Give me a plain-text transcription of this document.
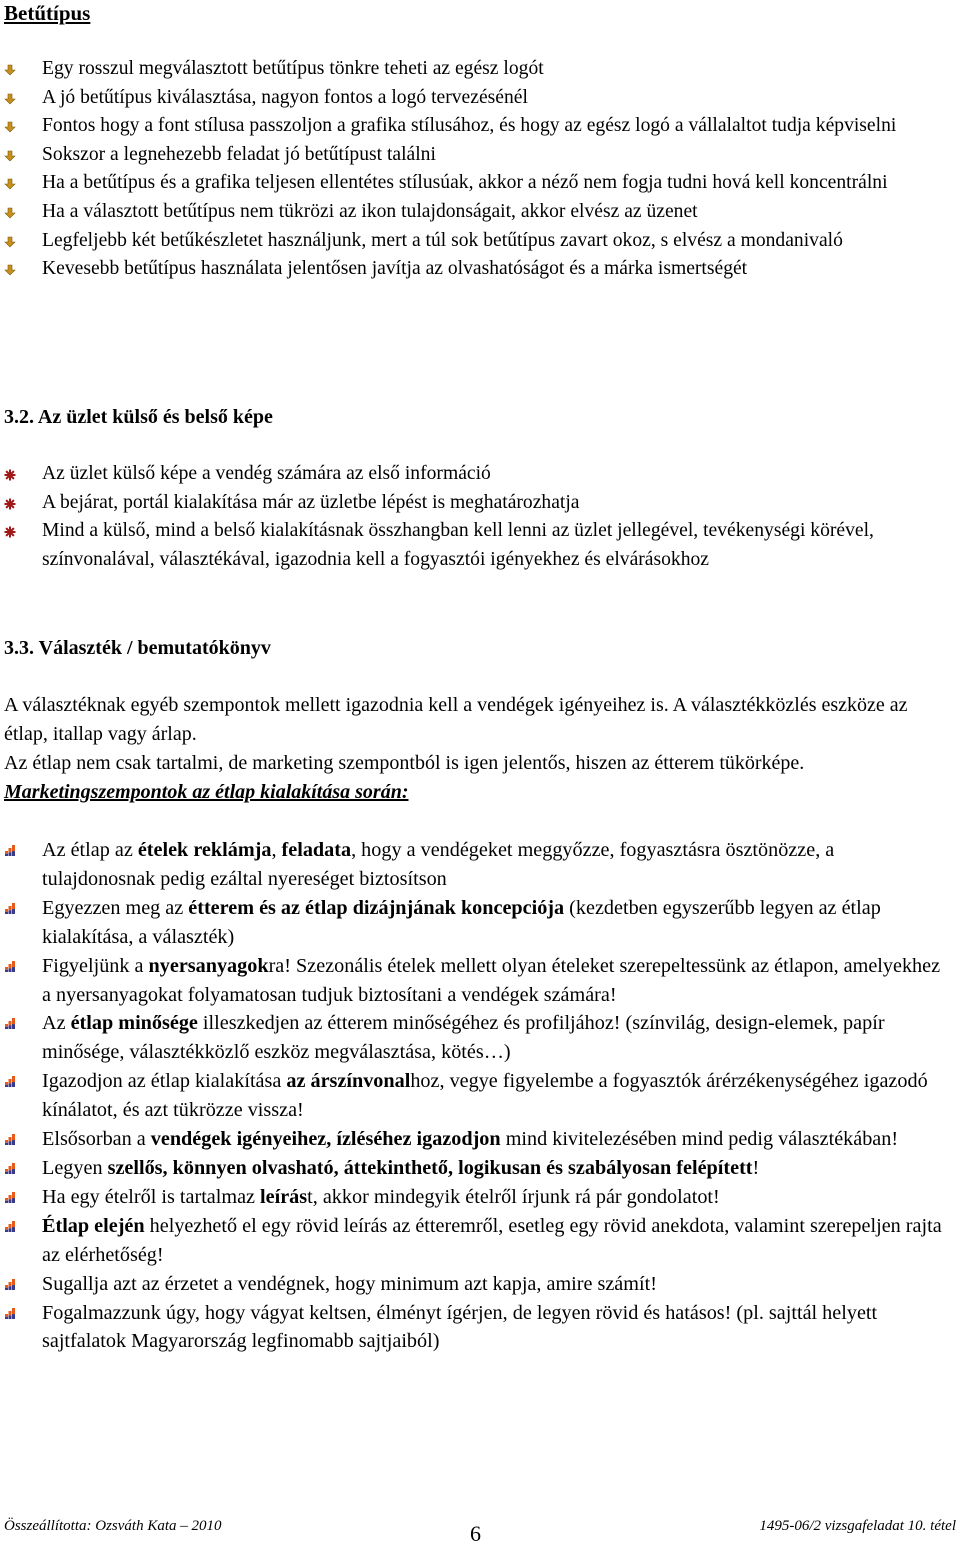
Betűtípus
Egy rosszul megválasztott betűtípus tönkre teheti az egész logót
A jó betűtípus kiválasztása, nagyon fontos a logó tervezésénél
Fontos hogy a font stílusa passzoljon a grafika stílusához, és hogy az egész logó a vállalaltot tudja képviselni
Sokszor a legnehezebb feladat jó betűtípust találni
Ha a betűtípus és a grafika teljesen ellentétes stílusúak, akkor a néző nem fogja tudni hová kell koncentrálni
Ha a választott betűtípus nem tükrözi az ikon tulajdonságait, akkor elvész az üzenet
Legfeljebb két betűkészletet használjunk, mert a túl sok betűtípus zavart okoz, s elvész a mondanivaló
Kevesebb betűtípus használata jelentősen javítja az olvashatóságot és a márka ismertségét
3.2. Az üzlet külső és belső képe
Az üzlet külső képe a vendég számára az első információ
A bejárat, portál kialakítása már az üzletbe lépést is meghatározhatja
Mind a külső, mind a belső kialakításnak összhangban kell lenni az üzlet jellegével, tevékenységi körével, színvonalával, választékával, igazodnia kell a fogyasztói igényekhez és elvárásokhoz
3.3. Választék / bemutatókönyv
A választéknak egyéb szempontok mellett igazodnia kell a vendégek igényeihez is. A választékközlés eszköze az étlap, itallap vagy árlap.
Az étlap nem csak tartalmi, de marketing szempontból is igen jelentős, hiszen az étterem tükörképe. Marketingszempontok az étlap kialakítása során:
Az étlap az ételek reklámja, feladata, hogy a vendégeket meggyőzze, fogyasztásra ösztönözze, a tulajdonosnak pedig ezáltal nyereséget biztosítson
Egyezzen meg az étterem és az étlap dizájnjának koncepciója (kezdetben egyszerűbb legyen az étlap kialakítása, a választék)
Figyeljünk a nyersanyagokra! Szezonális ételek mellett olyan ételeket szerepeltessünk az étlapon, amelyekhez a nyersanyagokat folyamatosan tudjuk biztosítani a vendégek számára!
Az étlap minősége illeszkedjen az étterem minőségéhez és profiljához! (színvilág, design-elemek, papír minősége, választékközlő eszköz megválasztása, kötés…)
Igazodjon az étlap kialakítása az árszínvonalhoz, vegye figyelembe a fogyasztók árérzékenységéhez igazodó kínálatot, és azt tükrözze vissza!
Elsősorban a vendégek igényeihez, ízléséhez igazodjon mind kivitelezésében mind pedig választékában!
Legyen szellős, könnyen olvasható, áttekinthető, logikusan és szabályosan felépített!
Ha egy ételről is tartalmaz leírást, akkor mindegyik ételről írjunk rá pár gondolatot!
Étlap elején helyezhető el egy rövid leírás az étteremről, esetleg egy rövid anekdota, valamint szerepeljen rajta az elérhetőség!
Sugallja azt az érzetet a vendégnek, hogy minimum azt kapja, amire számít!
Fogalmazzunk úgy, hogy vágyat keltsen, élményt ígérjen, de legyen rövid és hatásos! (pl. sajttál helyett sajtfalatok Magyarország legfinomabb sajtjaiból)
Összeállította: Ozsváth Kata – 2010	6	1495-06/2 vizsgafeladat 10. tétel
